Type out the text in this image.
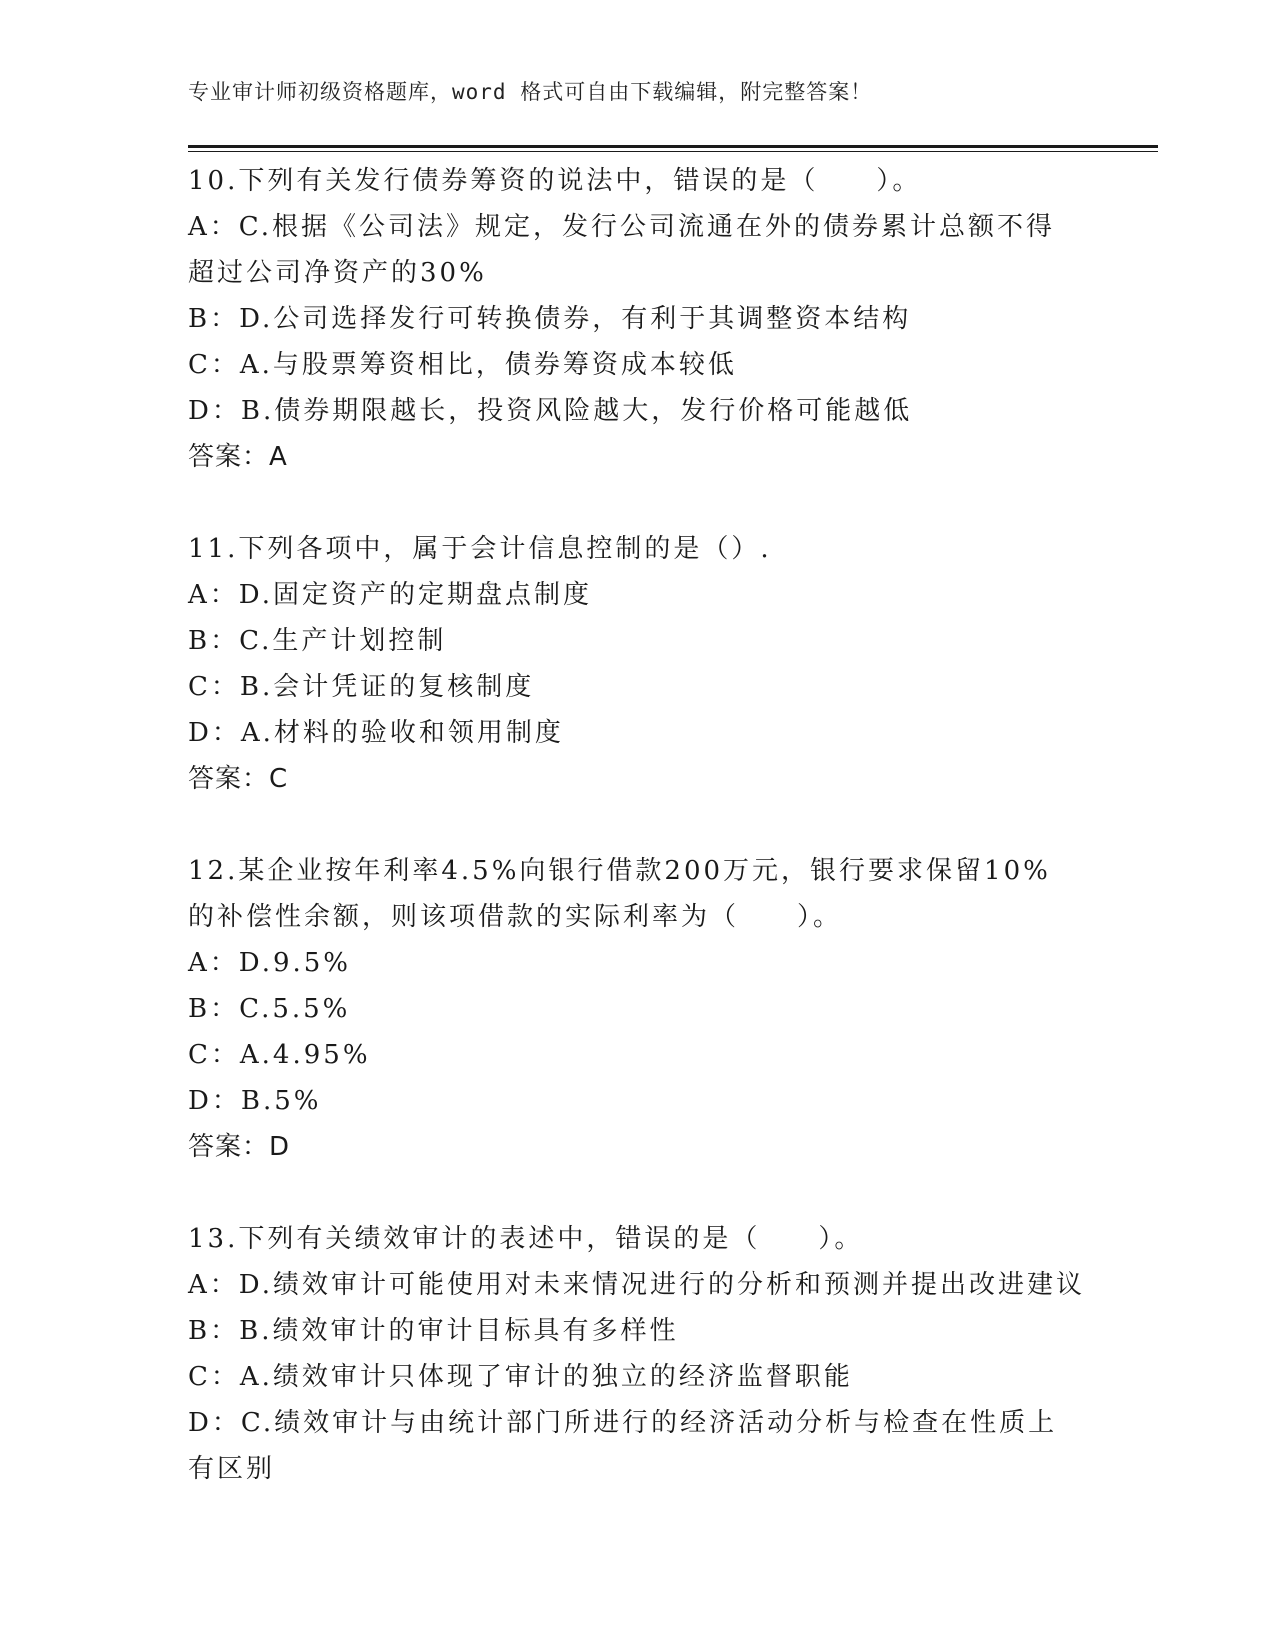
专业审计师初级资格题库，word 格式可自由下载编辑，附完整答案！

10.下列有关发行债券筹资的说法中，错误的是（　　）。

A：C.根据《公司法》规定，发行公司流通在外的债券累计总额不得超过公司净资产的30%

B：D.公司选择发行可转换债券，有利于其调整资本结构

C：A.与股票筹资相比，债券筹资成本较低

D：B.债券期限越长，投资风险越大，发行价格可能越低

答案：A

11.下列各项中，属于会计信息控制的是（）.

A：D.固定资产的定期盘点制度

B：C.生产计划控制

C：B.会计凭证的复核制度

D：A.材料的验收和领用制度

答案：C

12.某企业按年利率4.5%向银行借款200万元，银行要求保留10%的补偿性余额，则该项借款的实际利率为（　　）。

A：D.9.5%

B：C.5.5%

C：A.4.95%

D：B.5%

答案：D

13.下列有关绩效审计的表述中，错误的是（　　）。

A：D.绩效审计可能使用对未来情况进行的分析和预测并提出改进建议

B：B.绩效审计的审计目标具有多样性

C：A.绩效审计只体现了审计的独立的经济监督职能

D：C.绩效审计与由统计部门所进行的经济活动分析与检查在性质上有区别
